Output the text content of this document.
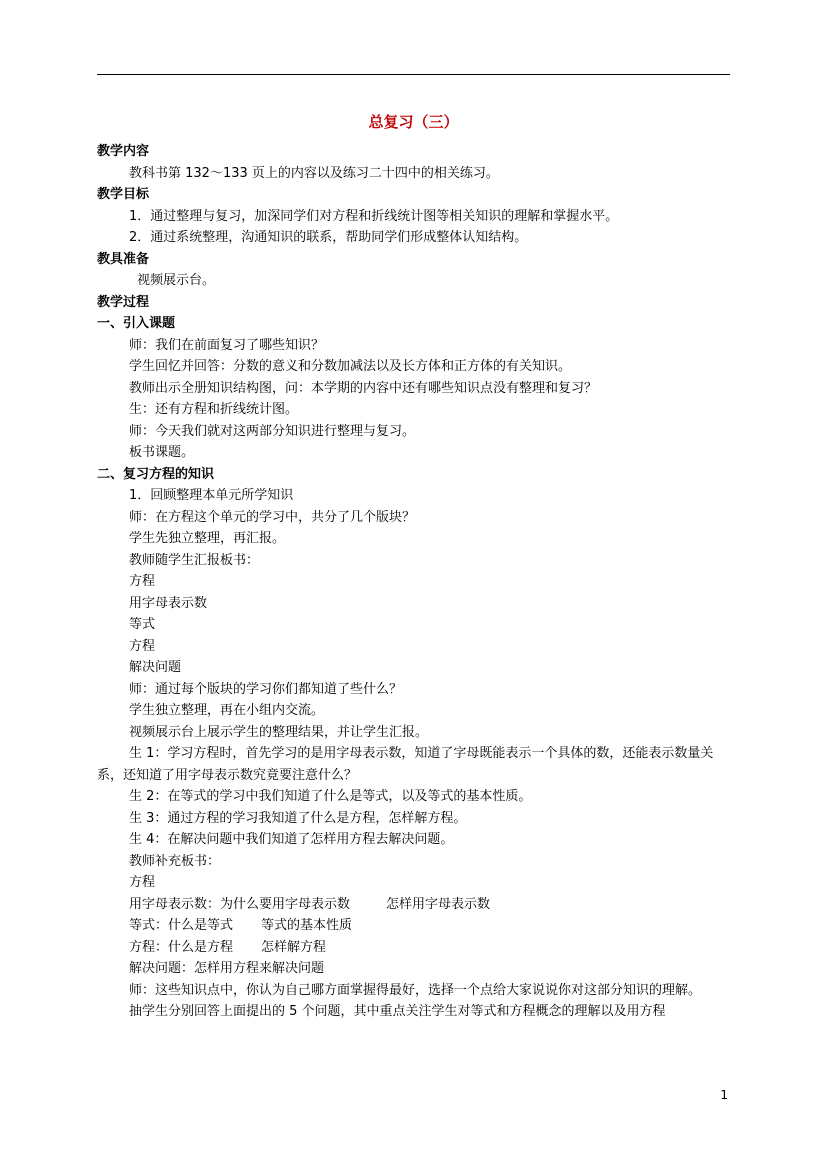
总复习（三）
教学内容
教科书第 132～133 页上的内容以及练习二十四中的相关练习。
教学目标
1．通过整理与复习，加深同学们对方程和折线统计图等相关知识的理解和掌握水平。
2．通过系统整理，沟通知识的联系，帮助同学们形成整体认知结构。
教具准备
视频展示台。
教学过程
一、引入课题
师：我们在前面复习了哪些知识？
学生回忆并回答：分数的意义和分数加减法以及长方体和正方体的有关知识。
教师出示全册知识结构图，问：本学期的内容中还有哪些知识点没有整理和复习？
生：还有方程和折线统计图。
师：今天我们就对这两部分知识进行整理与复习。
板书课题。
二、复习方程的知识
1．回顾整理本单元所学知识
师：在方程这个单元的学习中，共分了几个版块？
学生先独立整理，再汇报。
教师随学生汇报板书：
方程
用字母表示数
等式
方程
解决问题
师：通过每个版块的学习你们都知道了些什么？
学生独立整理，再在小组内交流。
视频展示台上展示学生的整理结果，并让学生汇报。
生 1：学习方程时，首先学习的是用字母表示数，知道了字母既能表示一个具体的数，还能表示数量关系，还知道了用字母表示数究竟要注意什么？
生 2：在等式的学习中我们知道了什么是等式，以及等式的基本性质。
生 3：通过方程的学习我知道了什么是方程，怎样解方程。
生 4：在解决问题中我们知道了怎样用方程去解决问题。
教师补充板书：
方程
用字母表示数：为什么要用字母表示数	怎样用字母表示数
等式：什么是等式 等式的基本性质
方程：什么是方程 怎样解方程
解决问题：怎样用方程来解决问题
师：这些知识点中，你认为自己哪方面掌握得最好，选择一个点给大家说说你对这部分知识的理解。
抽学生分别回答上面提出的 5 个问题，其中重点关注学生对等式和方程概念的理解以及用方程
1
